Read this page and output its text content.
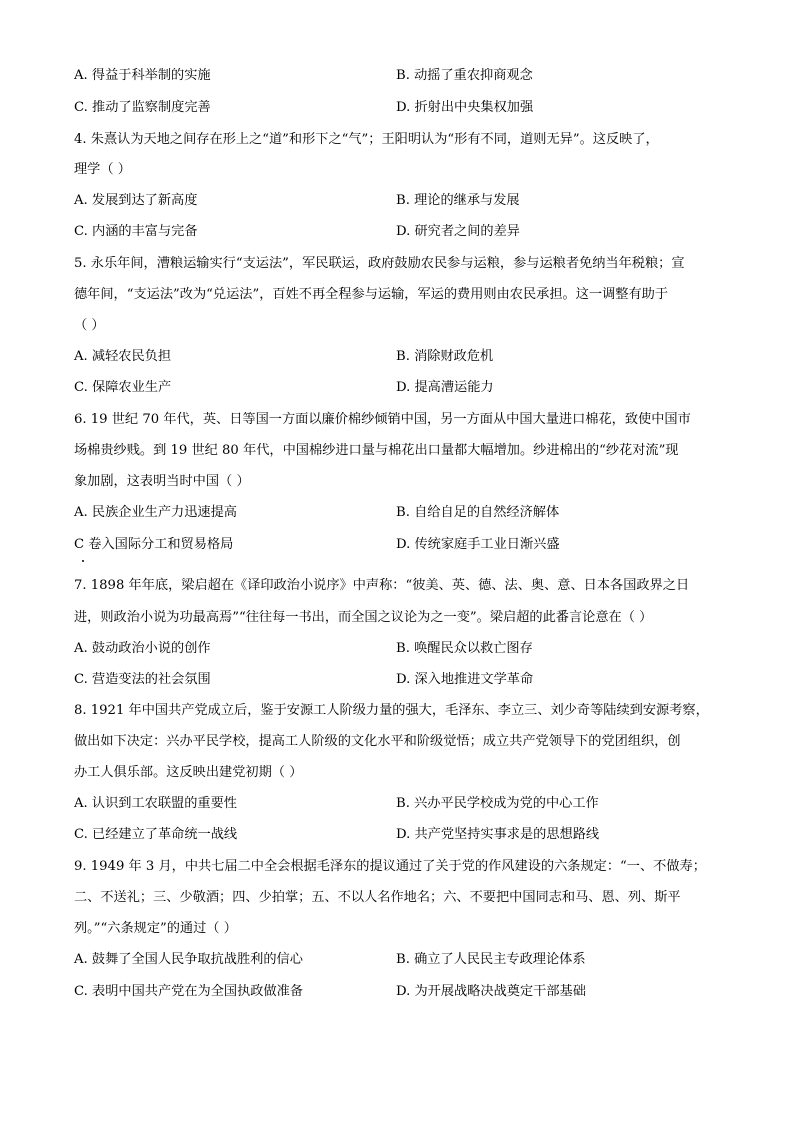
A. 得益于科举制的实施	B. 动摇了重农抑商观念
C. 推动了监察制度完善	D. 折射出中央集权加强
4. 朱熹认为天地之间存在形上之“道”和形下之“气”；王阳明认为“形有不同，道则无异”。这反映了，
理学（ ）
A. 发展到达了新高度	B. 理论的继承与发展
C. 内涵的丰富与完备	D. 研究者之间的差异
5. 永乐年间，漕粮运输实行“支运法”，军民联运，政府鼓励农民参与运粮，参与运粮者免纳当年税粮；宣
德年间，“支运法”改为“兑运法”，百姓不再全程参与运输，军运的费用则由农民承担。这一调整有助于
（ ）
A. 减轻农民负担	B. 消除财政危机
C. 保障农业生产	D. 提高漕运能力
6. 19 世纪 70 年代，英、日等国一方面以廉价棉纱倾销中国，另一方面从中国大量进口棉花，致使中国市
场棉贵纱贱。到 19 世纪 80 年代，中国棉纱进口量与棉花出口量都大幅增加。纱进棉出的“纱花对流”现
象加剧，这表明当时中国（ ）
A. 民族企业生产力迅速提高	B. 自给自足的自然经济解体
C 卷入国际分工和贸易格局	D. 传统家庭手工业日渐兴盛
7. 1898 年年底，梁启超在《译印政治小说序》中声称：“彼美、英、德、法、奥、意、日本各国政界之日
进，则政治小说为功最高焉”“往往每一书出，而全国之议论为之一变”。梁启超的此番言论意在（ ）
A. 鼓动政治小说的创作	B. 唤醒民众以救亡图存
C. 营造变法的社会氛围	D. 深入地推进文学革命
8. 1921 年中国共产党成立后，鉴于安源工人阶级力量的强大，毛泽东、李立三、刘少奇等陆续到安源考察，
做出如下决定：兴办平民学校，提高工人阶级的文化水平和阶级觉悟；成立共产党领导下的党团组织，创
办工人俱乐部。这反映出建党初期（ ）
A. 认识到工农联盟的重要性	B. 兴办平民学校成为党的中心工作
C. 已经建立了革命统一战线	D. 共产党坚持实事求是的思想路线
9. 1949 年 3 月，中共七届二中全会根据毛泽东的提议通过了关于党的作风建设的六条规定：“一、不做寿；
二、不送礼；三、少敬酒；四、少拍掌；五、不以人名作地名；六、不要把中国同志和马、恩、列、斯平
列。”“六条规定”的通过（ ）
A. 鼓舞了全国人民争取抗战胜利的信心	B. 确立了人民民主专政理论体系
C. 表明中国共产党在为全国执政做准备	D. 为开展战略决战奠定干部基础
